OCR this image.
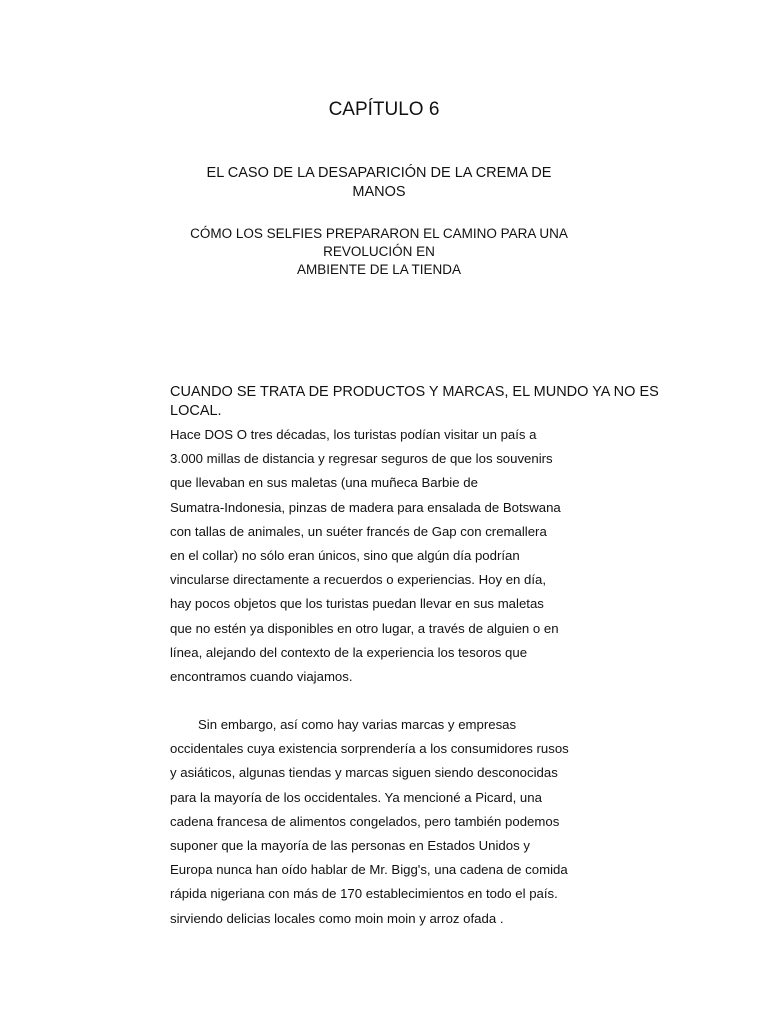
CAPÍTULO 6
EL CASO DE LA DESAPARICIÓN DE LA CREMA DE MANOS
CÓMO LOS SELFIES PREPARARON EL CAMINO PARA UNA REVOLUCIÓN EN
AMBIENTE DE LA TIENDA
CUANDO SE TRATA DE PRODUCTOS Y MARCAS, EL MUNDO YA NO ES LOCAL.
Hace DOS O tres décadas, los turistas podían visitar un país a
3.000 millas de distancia y regresar seguros de que los souvenirs
que llevaban en sus maletas (una muñeca Barbie de
Sumatra-Indonesia, pinzas de madera para ensalada de Botswana
con tallas de animales, un suéter francés de Gap con cremallera
en el collar) no sólo eran únicos, sino que algún día podrían
vincularse directamente a recuerdos o experiencias. Hoy en día,
hay pocos objetos que los turistas puedan llevar en sus maletas
que no estén ya disponibles en otro lugar, a través de alguien o en
línea, alejando del contexto de la experiencia los tesoros que
encontramos cuando viajamos.
Sin embargo, así como hay varias marcas y empresas
occidentales cuya existencia sorprendería a los consumidores rusos
y asiáticos, algunas tiendas y marcas siguen siendo desconocidas
para la mayoría de los occidentales. Ya mencioné a Picard, una
cadena francesa de alimentos congelados, pero también podemos
suponer que la mayoría de las personas en Estados Unidos y
Europa nunca han oído hablar de Mr. Bigg's, una cadena de comida
rápida nigeriana con más de 170 establecimientos en todo el país.
sirviendo delicias locales como moin moin y arroz ofada .
